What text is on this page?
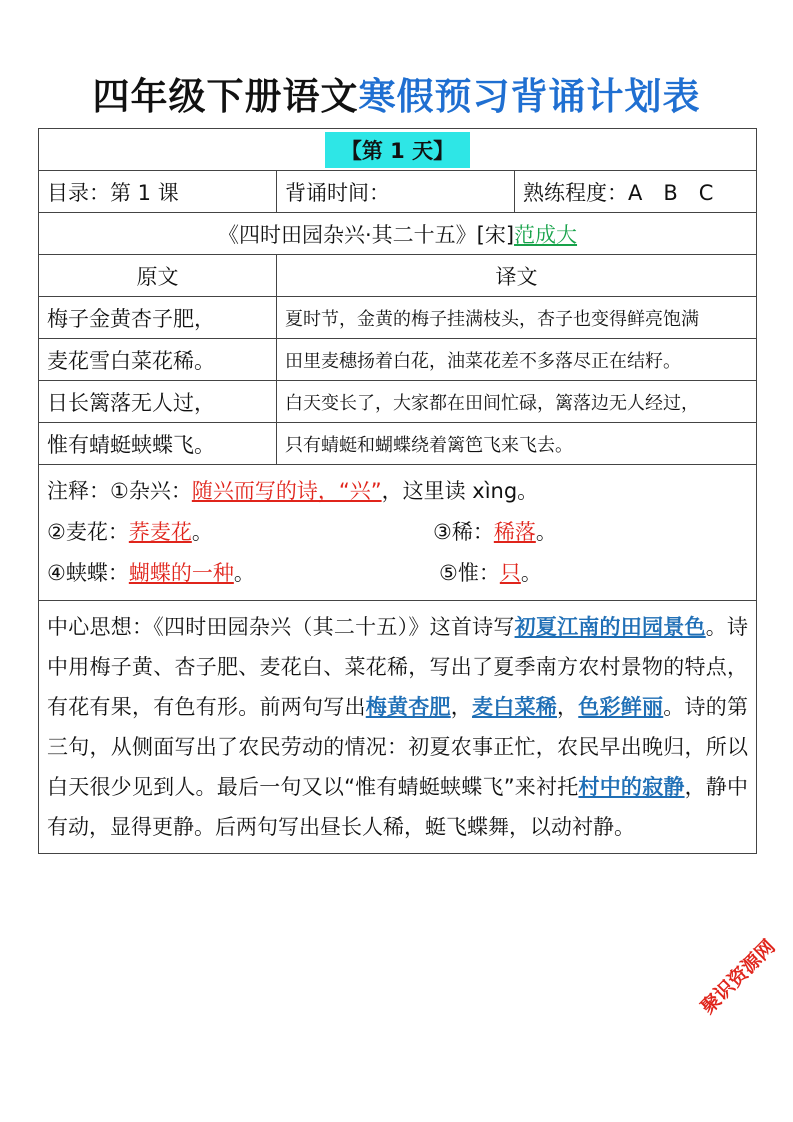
四年级下册语文寒假预习背诵计划表
【第 1 天】		
目录：第 1 课	背诵时间：	熟练程度：A　B　C
《四时田园杂兴·其二十五》[宋]范成大		
原文	译文	
梅子金黄杏子肥，	夏时节，金黄的梅子挂满枝头，杏子也变得鲜亮饱满	
麦花雪白菜花稀。	田里麦穗扬着白花，油菜花差不多落尽正在结籽。	
日长篱落无人过，	白天变长了，大家都在田间忙碌，篱落边无人经过，	
惟有蜻蜓蛱蝶飞。	只有蜻蜓和蝴蝶绕着篱笆飞来飞去。	

注释：①杂兴：随兴而写的诗，“兴”，这里读 xìng。
②麦花：荞麦花。 ③稀：稀落。
④蛱蝶：蝴蝶的一种。 ⑤惟：只。		

中心思想：《四时田园杂兴（其二十五）》这首诗写初夏江南的田园景色。诗中用梅子黄、杏子肥、麦花白、菜花稀，写出了夏季南方农村景物的特点，有花有果，有色有形。前两句写出梅黄杏肥，麦白菜稀，色彩鲜丽。诗的第三句，从侧面写出了农民劳动的情况：初夏农事正忙，农民早出晚归，所以白天很少见到人。最后一句又以“惟有蜻蜓蛱蝶飞”来衬托村中的寂静，静中有动，显得更静。后两句写出昼长人稀，蜓飞蝶舞，以动衬静。		
聚识资源网
